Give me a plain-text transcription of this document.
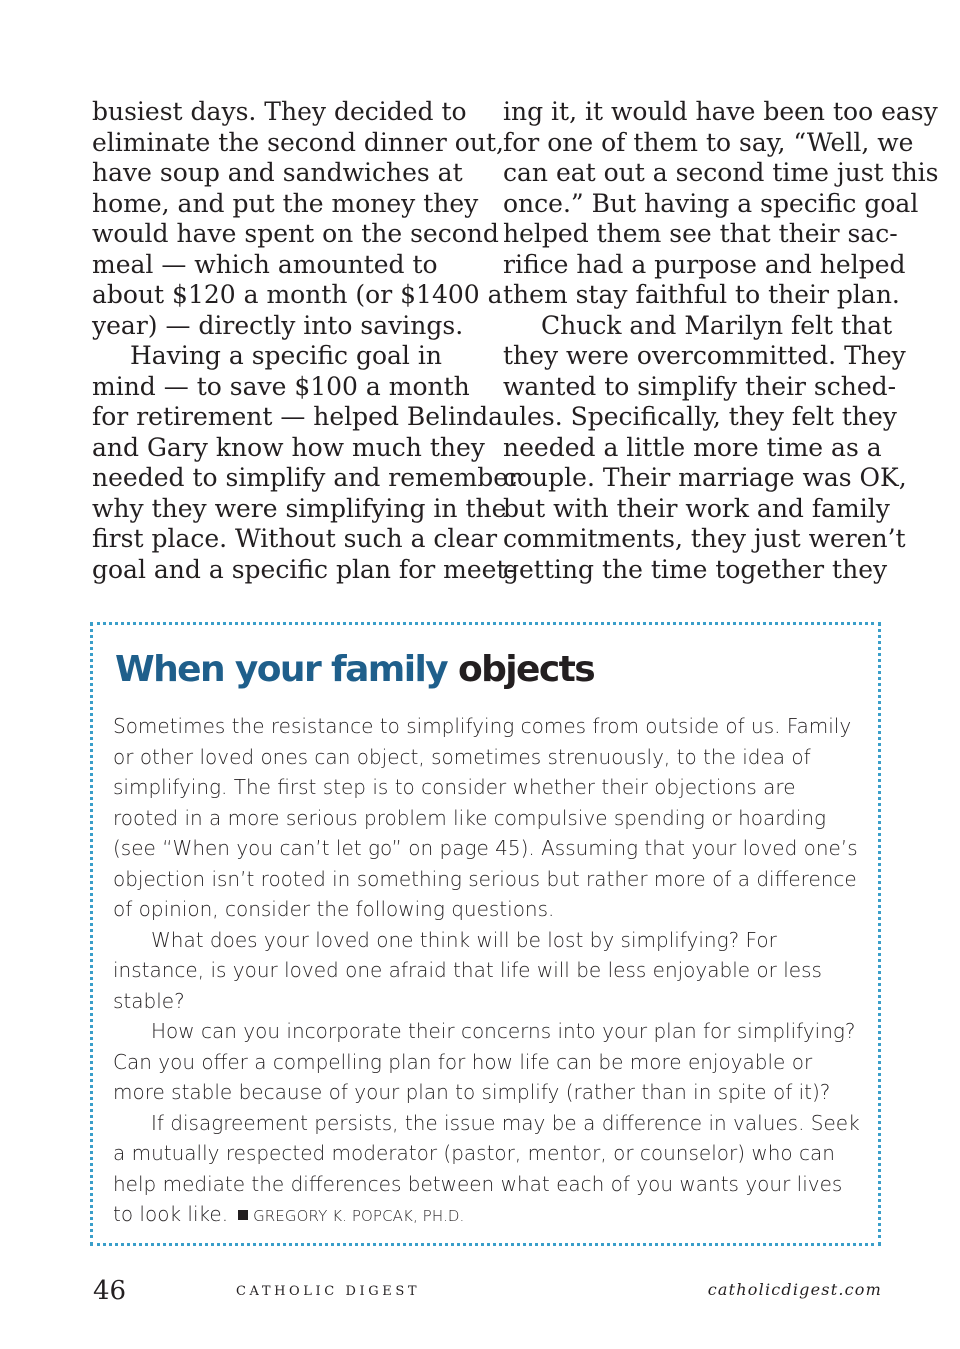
busiest days. They decided to
eliminate the second dinner out,
have soup and sandwiches at
home, and put the money they
would have spent on the second
meal — which amounted to
about $120 a month (or $1400 a
year) — directly into savings.
Having a specific goal in
mind — to save $100 a month
for retirement — helped Belinda
and Gary know how much they
needed to simplify and remember
why they were simplifying in the
first place. Without such a clear
goal and a specific plan for meet-
ing it, it would have been too easy
for one of them to say, “Well, we
can eat out a second time just this
once.” But having a specific goal
helped them see that their sac-
rifice had a purpose and helped
them stay faithful to their plan.
Chuck and Marilyn felt that
they were overcommitted. They
wanted to simplify their sched-
ules. Specifically, they felt they
needed a little more time as a
couple. Their marriage was OK,
but with their work and family
commitments, they just weren’t
getting the time together they
When your family objects
Sometimes the resistance to simplifying comes from outside of us. Family
or other loved ones can object, sometimes strenuously, to the idea of
simplifying. The first step is to consider whether their objections are
rooted in a more serious problem like compulsive spending or hoarding
(see “When you can’t let go” on page 45). Assuming that your loved one’s
objection isn’t rooted in something serious but rather more of a difference
of opinion, consider the following questions.
What does your loved one think will be lost by simplifying? For
instance, is your loved one afraid that life will be less enjoyable or less
stable?
How can you incorporate their concerns into your plan for simplifying?
Can you offer a compelling plan for how life can be more enjoyable or
more stable because of your plan to simplify (rather than in spite of it)?
If disagreement persists, the issue may be a difference in values. Seek
a mutually respected moderator (pastor, mentor, or counselor) who can
help mediate the differences between what each of you wants your lives
to look like. GREGORY K. POPCAK, PH.D.
46	CATHOLIC DIGEST	catholicdigest.com
